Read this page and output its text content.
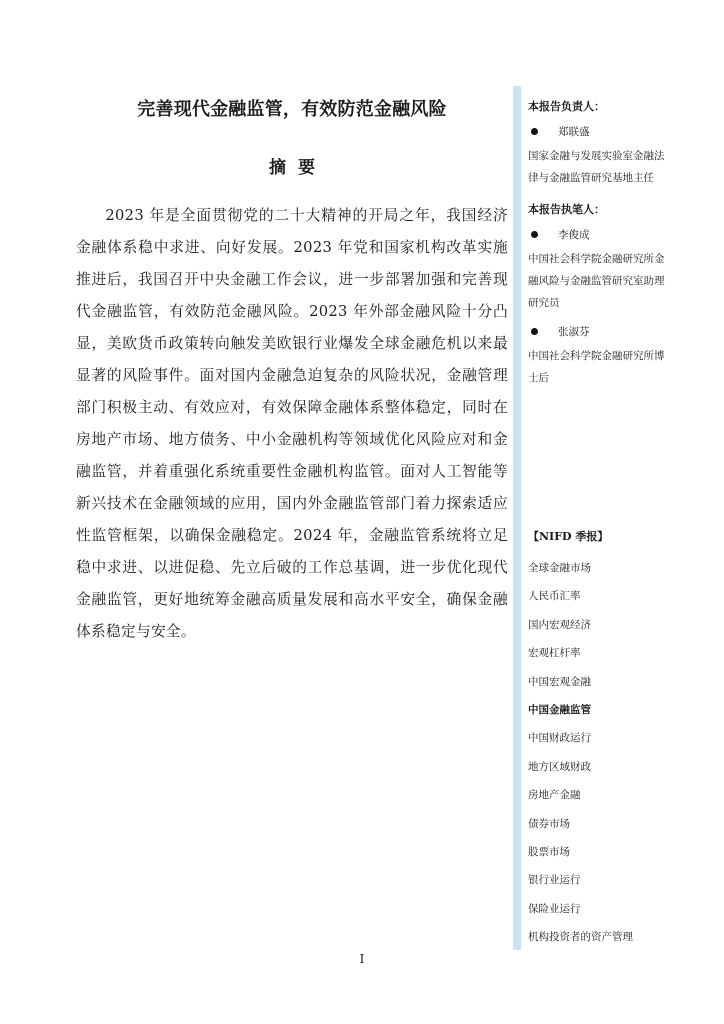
完善现代金融监管，有效防范金融风险
摘要

2023 年是全面贯彻党的二十大精神的开局之年，我国经济金融体系稳中求进、向好发展。2023 年党和国家机构改革实施推进后，我国召开中央金融工作会议，进一步部署加强和完善现代金融监管，有效防范金融风险。2023 年外部金融风险十分凸显，美欧货币政策转向触发美欧银行业爆发全球金融危机以来最显著的风险事件。面对国内金融急迫复杂的风险状况，金融管理部门积极主动、有效应对，有效保障金融体系整体稳定，同时在房地产市场、地方债务、中小金融机构等领域优化风险应对和金融监管，并着重强化系统重要性金融机构监管。面对人工智能等新兴技术在金融领域的应用，国内外金融监管部门着力探索适应性监管框架，以确保金融稳定。2024 年，金融监管系统将立足稳中求进、以进促稳、先立后破的工作总基调，进一步优化现代金融监管，更好地统筹金融高质量发展和高水平安全，确保金融体系稳定与安全。

本报告负责人：

郑联盛
国家金融与发展实验室金融法律与金融监管研究基地主任

本报告执笔人：

李俊成
中国社会科学院金融研究所金融风险与金融监管研究室助理研究员
张淑芬
中国社会科学院金融研究所博士后

【NIFD 季报】

全球金融市场
人民币汇率
国内宏观经济
宏观杠杆率
中国宏观金融
中国金融监管
中国财政运行
地方区域财政
房地产金融
债券市场
股票市场
银行业运行
保险业运行
机构投资者的资产管理
I
